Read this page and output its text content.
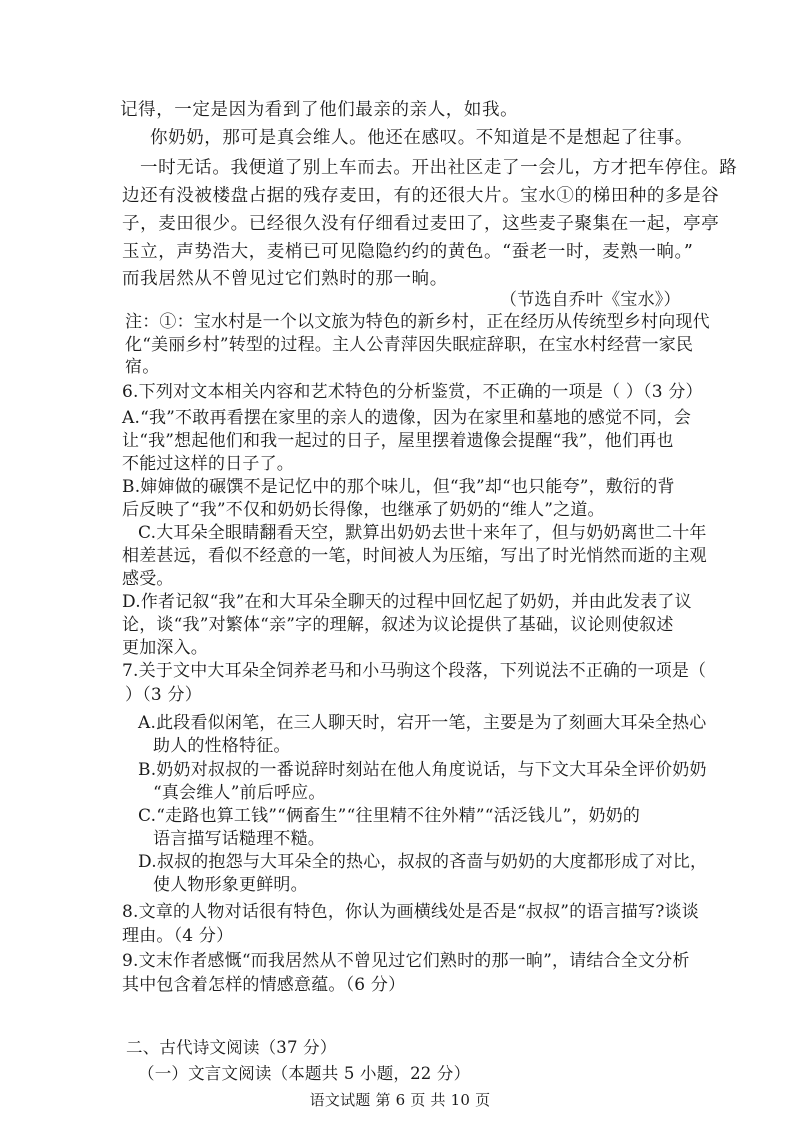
记得，一定是因为看到了他们最亲的亲人，如我。

你奶奶，那可是真会维人。他还在感叹。不知道是不是想起了往事。

一时无话。我便道了别上车而去。开出社区走了一会儿，方才把车停住。路

边还有没被楼盘占据的残存麦田，有的还很大片。宝水①的梯田种的多是谷

子，麦田很少。已经很久没有仔细看过麦田了，这些麦子聚集在一起，亭亭

玉立，声势浩大，麦梢已可见隐隐约约的黄色。“蚕老一时，麦熟一晌。”

而我居然从不曾见过它们熟时的那一晌。

（节选自乔叶《宝水》）

注：①：宝水村是一个以文旅为特色的新乡村，正在经历从传统型乡村向现代

化“美丽乡村”转型的过程。主人公青萍因失眠症辞职，在宝水村经营一家民

宿。

6.下列对文本相关内容和艺术特色的分析鉴赏，不正确的一项是（ ）（3 分）

A.“我”不敢再看摆在家里的亲人的遗像，因为在家里和墓地的感觉不同，会

让“我”想起他们和我一起过的日子，屋里摆着遗像会提醒“我”，他们再也

不能过这样的日子了。

B.婶婶做的碾馔不是记忆中的那个味儿，但“我”却“也只能夸”，敷衍的背

后反映了“我”不仅和奶奶长得像，也继承了奶奶的“维人”之道。

C.大耳朵全眼睛翻看天空，默算出奶奶去世十来年了，但与奶奶离世二十年

相差甚远，看似不经意的一笔，时间被人为压缩，写出了时光悄然而逝的主观

感受。

D.作者记叙“我”在和大耳朵全聊天的过程中回忆起了奶奶，并由此发表了议

论，谈“我”对繁体“亲”字的理解，叙述为议论提供了基础，议论则使叙述

更加深入。

7.关于文中大耳朵全饲养老马和小马驹这个段落，下列说法不正确的一项是（

）（3 分）

A.此段看似闲笔，在三人聊天时，宕开一笔，主要是为了刻画大耳朵全热心

助人的性格特征。

B.奶奶对叔叔的一番说辞时刻站在他人角度说话，与下文大耳朵全评价奶奶

“真会维人”前后呼应。

C.“走路也算工钱”“俩畜生”“往里精不往外精”“活泛钱儿”，奶奶的

语言描写话糙理不糙。

D.叔叔的抱怨与大耳朵全的热心，叔叔的吝啬与奶奶的大度都形成了对比，

使人物形象更鲜明。

8.文章的人物对话很有特色，你认为画横线处是否是“叔叔”的语言描写?谈谈

理由。（4 分）

9.文末作者感慨“而我居然从不曾见过它们熟时的那一晌”，请结合全文分析

其中包含着怎样的情感意蕴。（6 分）

二、古代诗文阅读（37 分）

（一）文言文阅读（本题共 5 小题，22 分）

语文试题 第 6 页 共 10 页
